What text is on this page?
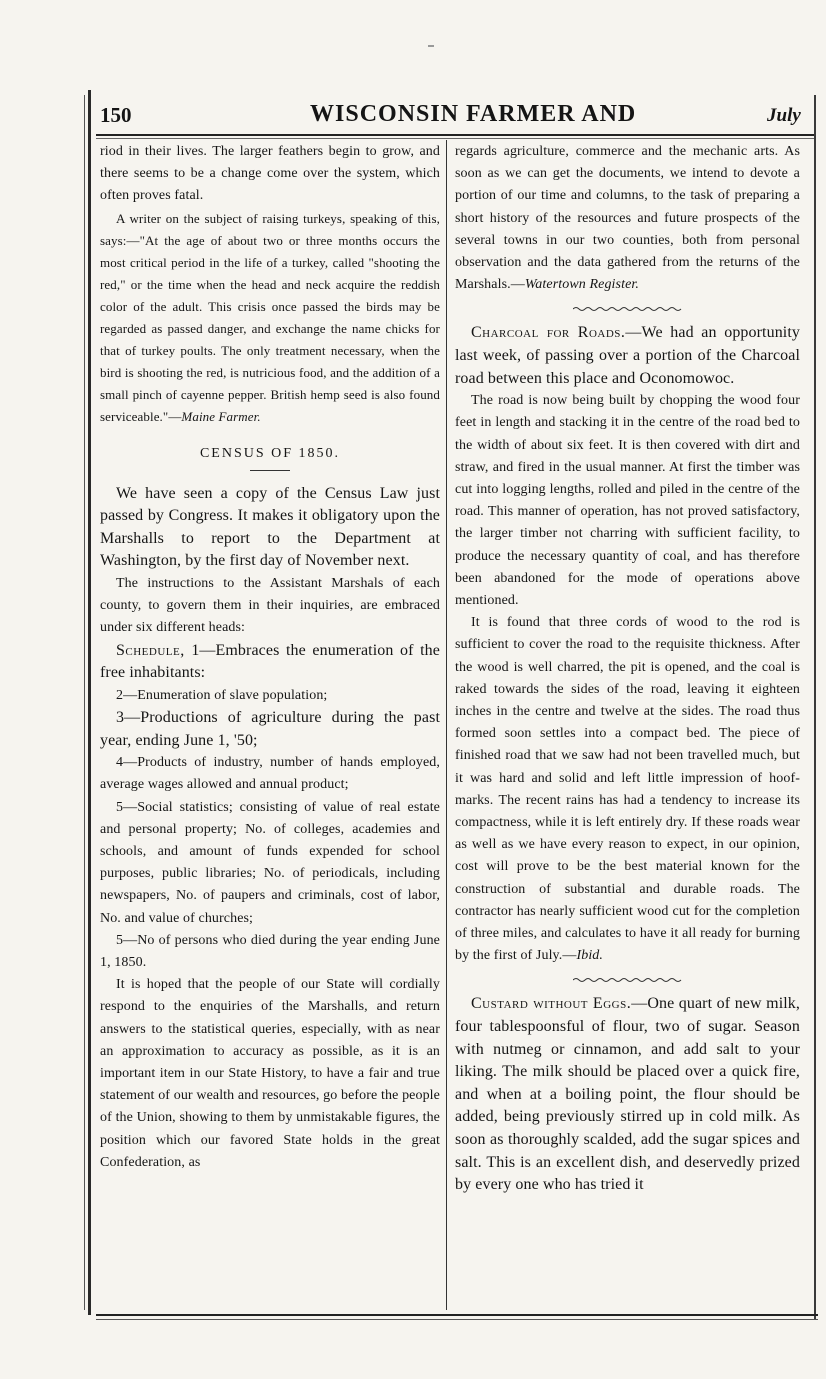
150	WISCONSIN FARMER AND	July

riod in their lives. The larger feathers begin to grow, and there seems to be a change come over the system, which often proves fatal.

A writer on the subject of raising turkeys, speaking of this, says:—"At the age of about two or three months occurs the most critical period in the life of a turkey, called "shooting the red," or the time when the head and neck acquire the reddish color of the adult. This crisis once passed the birds may be regarded as passed danger, and exchange the name chicks for that of turkey poults. The only treatment necessary, when the bird is shooting the red, is nutricious food, and the addition of a small pinch of cayenne pepper. British hemp seed is also found serviceable."—Maine Farmer.

CENSUS OF 1850.

We have seen a copy of the Census Law just passed by Congress. It makes it obligatory upon the Marshalls to report to the Department at Washington, by the first day of November next.

The instructions to the Assistant Marshals of each county, to govern them in their inquiries, are embraced under six different heads:

Schedule, 1—Embraces the enumeration of the free inhabitants:

2—Enumeration of slave population;

3—Productions of agriculture during the past year, ending June 1, '50;

4—Products of industry, number of hands employed, average wages allowed and annual product;

5—Social statistics; consisting of value of real estate and personal property; No. of colleges, academies and schools, and amount of funds expended for school purposes, public libraries; No. of periodicals, including newspapers, No. of paupers and criminals, cost of labor, No. and value of churches;

5—No of persons who died during the year ending June 1, 1850.

It is hoped that the people of our State will cordially respond to the enquiries of the Marshalls, and return answers to the statistical queries, especially, with as near an approximation to accuracy as possible, as it is an important item in our State History, to have a fair and true statement of our wealth and resources, go before the people of the Union, showing to them by unmistakable figures, the position which our favored State holds in the great Confederation, as

regards agriculture, commerce and the mechanic arts. As soon as we can get the documents, we intend to devote a portion of our time and columns, to the task of preparing a short history of the resources and future prospects of the several towns in our two counties, both from personal observation and the data gathered from the returns of the Marshals.—Watertown Register.

Charcoal for Roads.—We had an opportunity last week, of passing over a portion of the Charcoal road between this place and Oconomowoc.

The road is now being built by chopping the wood four feet in length and stacking it in the centre of the road bed to the width of about six feet. It is then covered with dirt and straw, and fired in the usual manner. At first the timber was cut into logging lengths, rolled and piled in the centre of the road. This manner of operation, has not proved satisfactory, the larger timber not charring with sufficient facility, to produce the necessary quantity of coal, and has therefore been abandoned for the mode of operations above mentioned.

It is found that three cords of wood to the rod is sufficient to cover the road to the requisite thickness. After the wood is well charred, the pit is opened, and the coal is raked towards the sides of the road, leaving it eighteen inches in the centre and twelve at the sides. The road thus formed soon settles into a compact bed. The piece of finished road that we saw had not been travelled much, but it was hard and solid and left little impression of hoof-marks. The recent rains has had a tendency to increase its compactness, while it is left entirely dry. If these roads wear as well as we have every reason to expect, in our opinion, cost will prove to be the best material known for the construction of substantial and durable roads. The contractor has nearly sufficient wood cut for the completion of three miles, and calculates to have it all ready for burning by the first of July.—Ibid.

Custard without Eggs.—One quart of new milk, four tablespoonsful of flour, two of sugar. Season with nutmeg or cinnamon, and add salt to your liking. The milk should be placed over a quick fire, and when at a boiling point, the flour should be added, being previously stirred up in cold milk. As soon as thoroughly scalded, add the sugar spices and salt. This is an excellent dish, and deservedly prized by every one who has tried it
